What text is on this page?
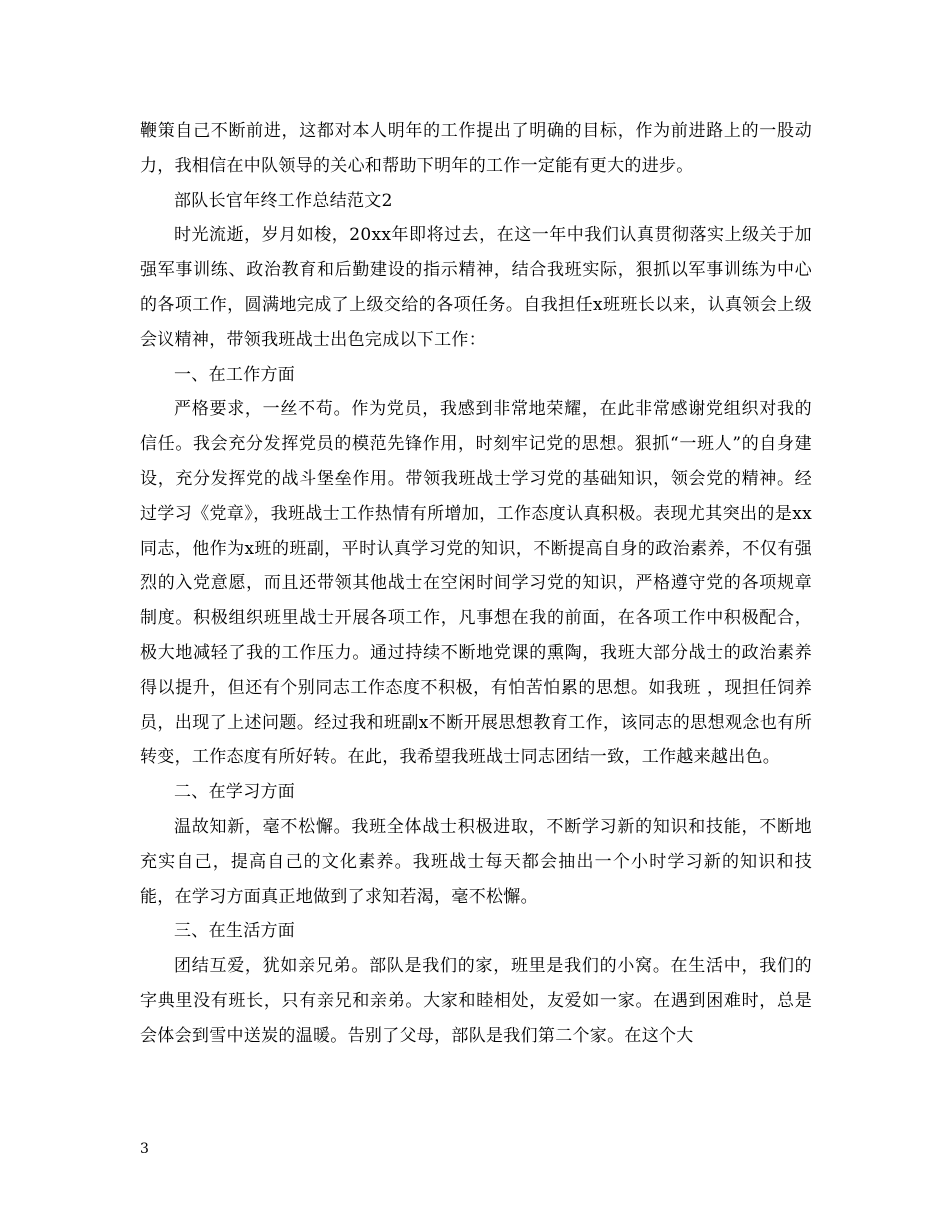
鞭策自己不断前进，这都对本人明年的工作提出了明确的目标，作为前进路上的一股动力，我相信在中队领导的关心和帮助下明年的工作一定能有更大的进步。

部队长官年终工作总结范文2

时光流逝，岁月如梭，20xx年即将过去，在这一年中我们认真贯彻落实上级关于加强军事训练、政治教育和后勤建设的指示精神，结合我班实际，狠抓以军事训练为中心的各项工作，圆满地完成了上级交给的各项任务。自我担任x班班长以来，认真领会上级会议精神，带领我班战士出色完成以下工作：

一、在工作方面

严格要求，一丝不苟。作为党员，我感到非常地荣耀，在此非常感谢党组织对我的信任。我会充分发挥党员的模范先锋作用，时刻牢记党的思想。狠抓“一班人”的自身建设，充分发挥党的战斗堡垒作用。带领我班战士学习党的基础知识，领会党的精神。经过学习《党章》，我班战士工作热情有所增加，工作态度认真积极。表现尤其突出的是xx同志，他作为x班的班副，平时认真学习党的知识，不断提高自身的政治素养，不仅有强烈的入党意愿，而且还带领其他战士在空闲时间学习党的知识，严格遵守党的各项规章制度。积极组织班里战士开展各项工作，凡事想在我的前面，在各项工作中积极配合，极大地减轻了我的工作压力。通过持续不断地党课的熏陶，我班大部分战士的政治素养得以提升，但还有个别同志工作态度不积极，有怕苦怕累的思想。如我班 ，现担任饲养员，出现了上述问题。经过我和班副x不断开展思想教育工作，该同志的思想观念也有所转变，工作态度有所好转。在此，我希望我班战士同志团结一致，工作越来越出色。

二、在学习方面

温故知新，毫不松懈。我班全体战士积极进取，不断学习新的知识和技能，不断地充实自己，提高自己的文化素养。我班战士每天都会抽出一个小时学习新的知识和技能，在学习方面真正地做到了求知若渴，毫不松懈。

三、在生活方面

团结互爱，犹如亲兄弟。部队是我们的家，班里是我们的小窝。在生活中，我们的字典里没有班长，只有亲兄和亲弟。大家和睦相处，友爱如一家。在遇到困难时，总是会体会到雪中送炭的温暖。告别了父母，部队是我们第二个家。在这个大

3
